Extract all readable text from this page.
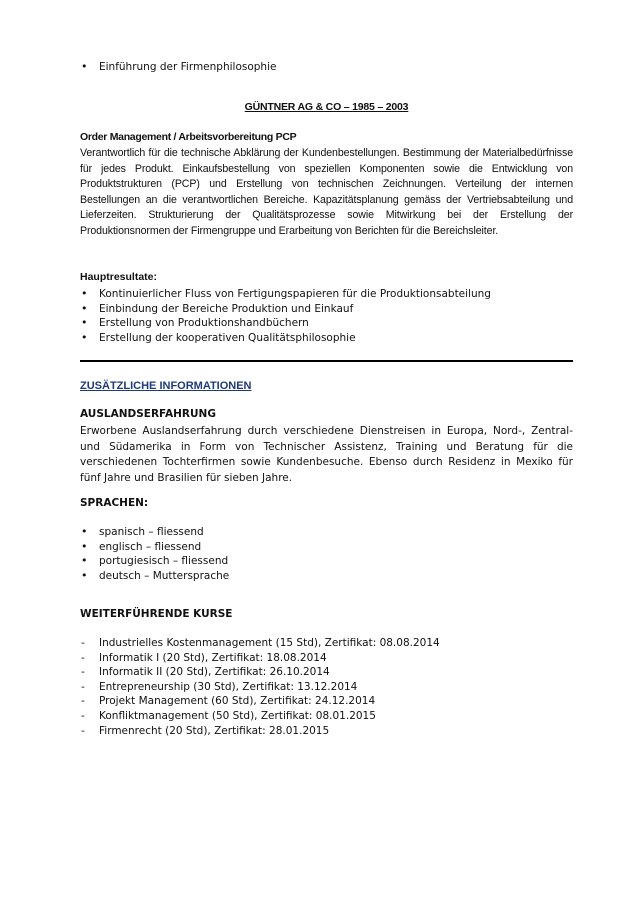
• Einführung der Firmenphilosophie
GÜNTNER AG & CO – 1985 – 2003
Order Management / Arbeitsvorbereitung PCP
Verantwortlich für die technische Abklärung der Kundenbestellungen. Bestimmung der Materialbedürfnisse für jedes Produkt. Einkaufsbestellung von speziellen Komponenten sowie die Entwicklung von Produktstrukturen (PCP) und Erstellung von technischen Zeichnungen. Verteilung der internen Bestellungen an die verantwortlichen Bereiche. Kapazitätsplanung gemäss der Vertriebsabteilung und Lieferzeiten. Strukturierung der Qualitätsprozesse sowie Mitwirkung bei der Erstellung der Produktionsnormen der Firmengruppe und Erarbeitung von Berichten für die Bereichsleiter.
Hauptresultate:
• Kontinuierlicher Fluss von Fertigungspapieren für die Produktionsabteilung
• Einbindung der Bereiche Produktion und Einkauf
• Erstellung von Produktionshandbüchern
• Erstellung der kooperativen Qualitätsphilosophie
ZUSÄTZLICHE INFORMATIONEN
AUSLANDSERFAHRUNG
Erworbene Auslandserfahrung durch verschiedene Dienstreisen in Europa, Nord-, Zentral- und Südamerika in Form von Technischer Assistenz, Training und Beratung für die verschiedenen Tochterfirmen sowie Kundenbesuche. Ebenso durch Residenz in Mexiko für fünf Jahre und Brasilien für sieben Jahre.
SPRACHEN:
• spanisch – fliessend
• englisch – fliessend
• portugiesisch – fliessend
• deutsch – Muttersprache
WEITERFÜHRENDE KURSE
- Industrielles Kostenmanagement (15 Std), Zertifikat: 08.08.2014
- Informatik I (20 Std), Zertifikat: 18.08.2014
- Informatik II (20 Std), Zertifikat: 26.10.2014
- Entrepreneurship (30 Std), Zertifikat: 13.12.2014
- Projekt Management (60 Std), Zertifikat: 24.12.2014
- Konfliktmanagement (50 Std), Zertifikat: 08.01.2015
- Firmenrecht (20 Std), Zertifikat: 28.01.2015
